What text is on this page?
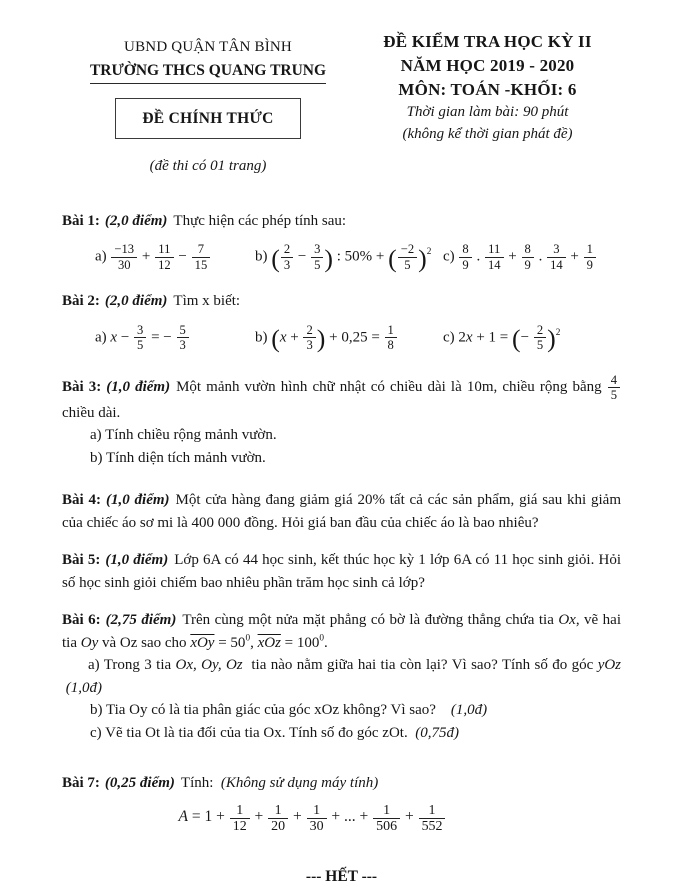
UBND QUẬN TÂN BÌNH
TRƯỜNG THCS QUANG TRUNG
ĐỀ CHÍNH THỨC
(đề thi có 01 trang)
ĐỀ KIỂM TRA HỌC KỲ II
NĂM HỌC 2019 - 2020
MÔN: TOÁN -KHỐI: 6
Thời gian làm bài: 90 phút
(không kể thời gian phát đề)

Bài 1: (2,0 điểm) Thực hiện các phép tính sau:

$a) \frac{-13}{30} + \frac{11}{12} - \frac{7}{15}$	b) ( $\frac{2}{3} - \frac{3}{5}$ ) : 50% + ( $\frac{-2}{5} )^2$ $c) \frac{8}{9}$ . $\frac{11}{14} + \frac{8}{9}$ . $\frac{3}{14} + \frac{1}{9}$

Bài 2: (2,0 điểm) Tìm x biết:

a) $x - \frac{3}{5}$ = − $\frac{5}{3}$	b) ($x + \frac{2}{3}$ ) + $0,25 = \frac{1}{8}$	c) 2x + 1 = (− $\frac{2}{5} )^2$

Bài 3: (1,0 điểm) Một mảnh vườn hình chữ nhật có chiều dài là 10m, chiều rộng bằng $\frac{4}{5}$
chiều dài.

a) Tính chiều rộng mảnh vườn.
b) Tính diện tích mảnh vườn.

Bài 4: (1,0 điểm) Một cửa hàng đang giảm giá 20% tất cả các sản phẩm, giá sau khi giảm của chiếc áo sơ mi là 400 000 đồng. Hỏi giá ban đầu của chiếc áo là bao nhiêu?

Bài 5: (1,0 điểm) Lớp 6A có 44 học sinh, kết thúc học kỳ 1 lớp 6A có 11 học sinh giỏi. Hỏi số học sinh giỏi chiếm bao nhiêu phần trăm học sinh cả lớp?

Bài 6: (2,75 điểm) Trên cùng một nửa mặt phẳng có bờ là đường thẳng chứa tia Ox, vẽ hai tia Oy và Oz sao cho $\overline{xOy} = 50^0$, $\overline{xOz} = 100^0$.

a) Trong 3 tia Ox, Oy, Oz  tia nào nằm giữa hai tia còn lại? Vì sao? Tính số đo góc yOz  (1,0đ)

b) Tia Oy có là tia phân giác của góc xOz không? Vì sao?    (1,0đ)
c) Vẽ tia Ot là tia đối của tia Ox. Tính số đo góc zOt.  (0,75đ)

Bài 7: (0,25 điểm) Tính:  (Không sử dụng máy tính)

$A = 1 + \frac{1}{12} + \frac{1}{20} + \frac{1}{30}$ + ... + $\frac{1}{506} + \frac{1}{552}$
--- HẾT ---
